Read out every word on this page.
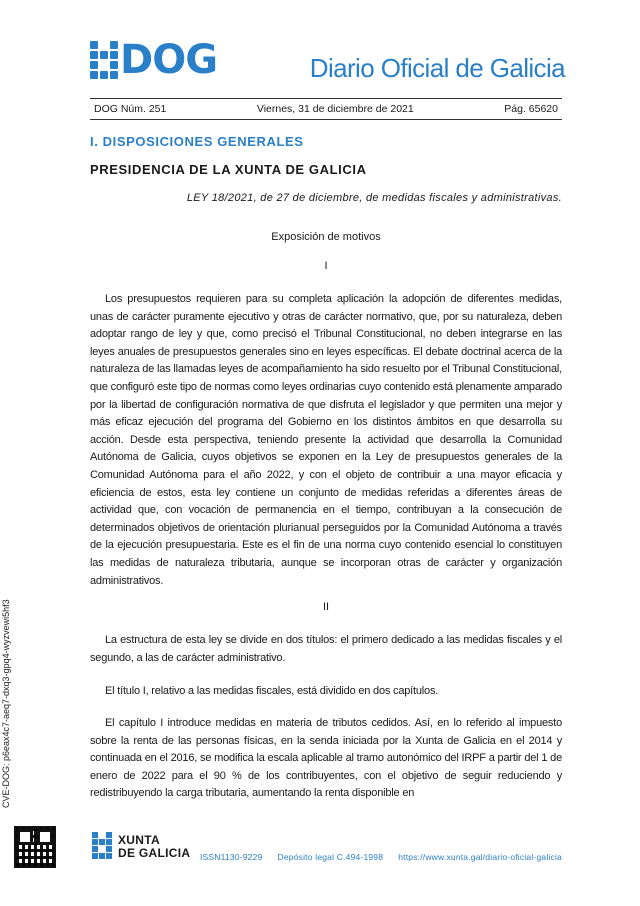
DOG	Diario Oficial de Galicia
DOG Núm. 251	Viernes, 31 de diciembre de 2021	Pág. 65620
I. DISPOSICIONES GENERALES
PRESIDENCIA DE LA XUNTA DE GALICIA
LEY 18/2021, de 27 de diciembre, de medidas fiscales y administrativas.
Exposición de motivos
I

Los presupuestos requieren para su completa aplicación la adopción de diferentes medidas, unas de carácter puramente ejecutivo y otras de carácter normativo, que, por su naturaleza, deben adoptar rango de ley y que, como precisó el Tribunal Constitucional, no deben integrarse en las leyes anuales de presupuestos generales sino en leyes específicas. El debate doctrinal acerca de la naturaleza de las llamadas leyes de acompañamiento ha sido resuelto por el Tribunal Constitucional, que configuró este tipo de normas como leyes ordinarias cuyo contenido está plenamente amparado por la libertad de configuración normativa de que disfruta el legislador y que permiten una mejor y más eficaz ejecución del programa del Gobierno en los distintos ámbitos en que desarrolla su acción. Desde esta perspectiva, teniendo presente la actividad que desarrolla la Comunidad Autónoma de Galicia, cuyos objetivos se exponen en la Ley de presupuestos generales de la Comunidad Autónoma para el año 2022, y con el objeto de contribuir a una mayor eficacia y eficiencia de estos, esta ley contiene un conjunto de medidas referidas a diferentes áreas de actividad que, con vocación de permanencia en el tiempo, contribuyan a la consecución de determinados objetivos de orientación plurianual perseguidos por la Comunidad Autónoma a través de la ejecución presupuestaria. Este es el fin de una norma cuyo contenido esencial lo constituyen las medidas de naturaleza tributaria, aunque se incorporan otras de carácter y organización administrativos.

II

La estructura de esta ley se divide en dos títulos: el primero dedicado a las medidas fiscales y el segundo, a las de carácter administrativo.

El título I, relativo a las medidas fiscales, está dividido en dos capítulos.

El capítulo I introduce medidas en materia de tributos cedidos. Así, en lo referido al impuesto sobre la renta de las personas físicas, en la senda iniciada por la Xunta de Galicia en el 2014 y continuada en el 2016, se modifica la escala aplicable al tramo autonómico del IRPF a partir del 1 de enero de 2022 para el 90 % de los contribuyentes, con el objetivo de seguir reduciendo y redistribuyendo la carga tributaria, aumentando la renta disponible en

CVE-DOG: p6eax4c7-aeq7-dxq3-gpq4-wyzvewi5hf3
XUNTA
DE GALICIA ISSN1130-9229 Depósito legal C.494-1998 https://www.xunta.gal/diario-oficial-galicia
